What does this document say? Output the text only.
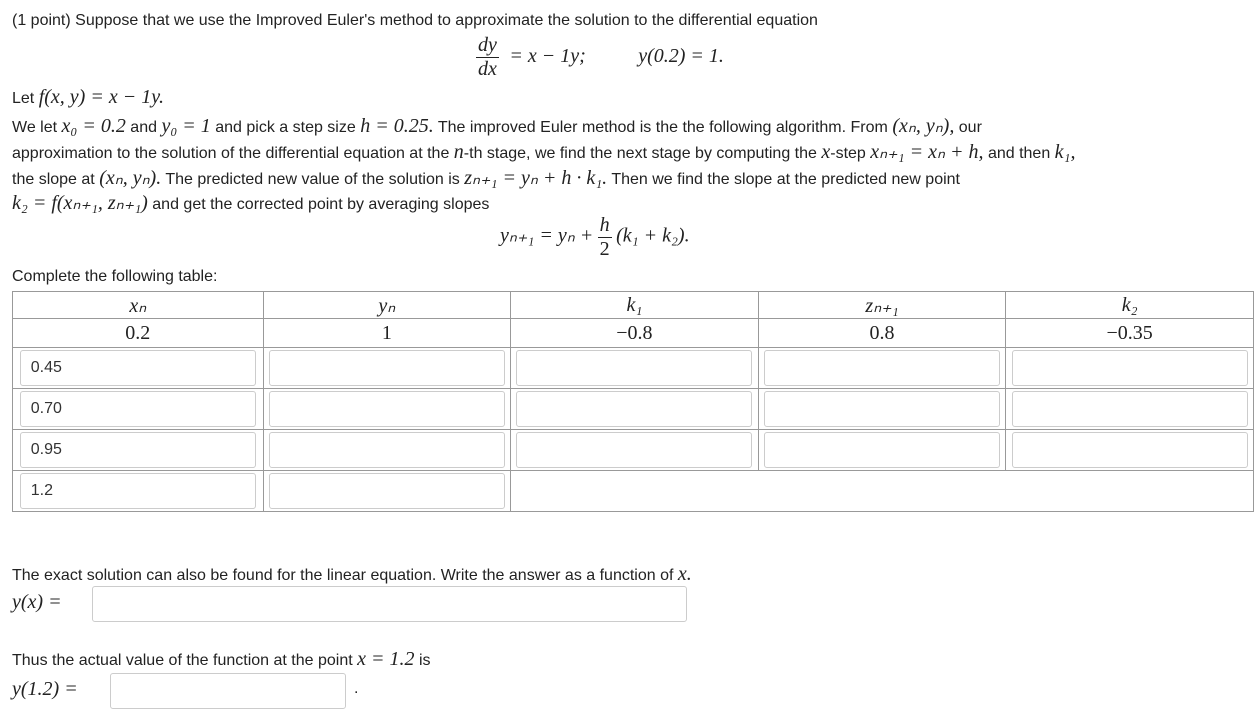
(1 point) Suppose that we use the Improved Euler's method to approximate the solution to the differential equation
$\frac{dy}{dx} = x - 1y$;	y(0.2) = 1.
Let f(x, y) = x − 1y.
We let x₀ = 0.2 and y₀ = 1 and pick a step size h = 0.25. The improved Euler method is the the following algorithm. From (xₙ, yₙ), our
approximation to the solution of the differential equation at the n-th stage, we find the next stage by computing the x-step xₙ₊₁ = xₙ + h, and then k₁,
the slope at (xₙ, yₙ). The predicted new value of the solution is zₙ₊₁ = yₙ + h · k₁. Then we find the slope at the predicted new point
k₂ = f(xₙ₊₁, zₙ₊₁) and get the corrected point by averaging slopes
$y_{n+1} = y_n + \frac{h}{2} (k_1 + k_2)$.
Complete the following table:
xₙ	yₙ	k₁	zₙ₊₁	k₂
0.2	1	−0.8	0.8	−0.35

0.45				

0.70				

0.95				

1.2				

The exact solution can also be found for the linear equation. Write the answer as a function of x.
y(x) =
Thus the actual value of the function at the point x = 1.2 is
y(1.2) =	.
